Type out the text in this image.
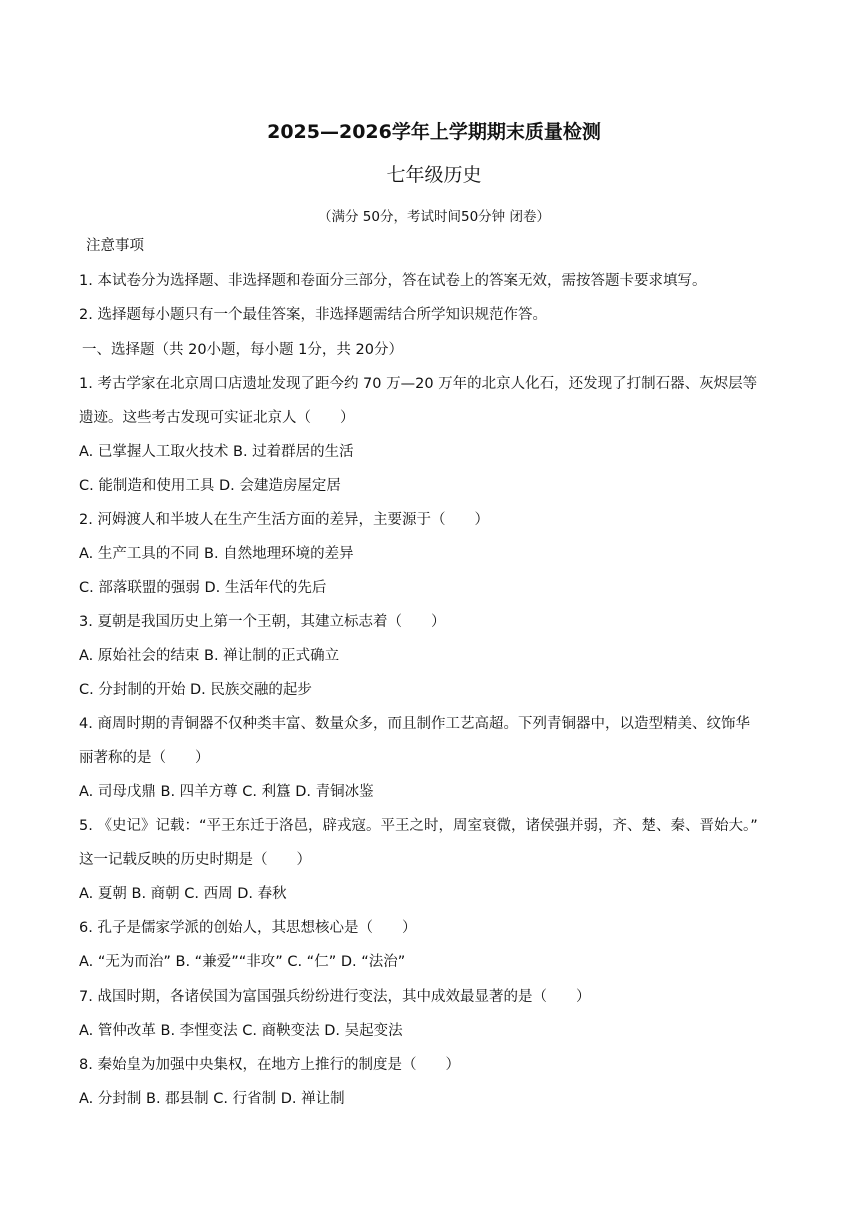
2025—2026学年上学期期末质量检测
七年级历史
（满分 50分，考试时间50分钟 闭卷）
注意事项
1. 本试卷分为选择题、非选择题和卷面分三部分，答在试卷上的答案无效，需按答题卡要求填写。
2. 选择题每小题只有一个最佳答案，非选择题需结合所学知识规范作答。
一、选择题（共 20小题，每小题 1分，共 20分）
1. 考古学家在北京周口店遗址发现了距今约 70 万—20 万年的北京人化石，还发现了打制石器、灰烬层等
遗迹。这些考古发现可实证北京人（　　）
A. 已掌握人工取火技术 B. 过着群居的生活
C. 能制造和使用工具 D. 会建造房屋定居
2. 河姆渡人和半坡人在生产生活方面的差异，主要源于（　　）
A. 生产工具的不同 B. 自然地理环境的差异
C. 部落联盟的强弱 D. 生活年代的先后
3. 夏朝是我国历史上第一个王朝，其建立标志着（　　）
A. 原始社会的结束 B. 禅让制的正式确立
C. 分封制的开始 D. 民族交融的起步
4. 商周时期的青铜器不仅种类丰富、数量众多，而且制作工艺高超。下列青铜器中，以造型精美、纹饰华
丽著称的是（　　）
A. 司母戊鼎 B. 四羊方尊 C. 利簋 D. 青铜冰鉴
5. 《史记》记载：“平王东迁于洛邑，辟戎寇。平王之时，周室衰微，诸侯强并弱，齐、楚、秦、晋始大。”
这一记载反映的历史时期是（　　）
A. 夏朝 B. 商朝 C. 西周 D. 春秋
6. 孔子是儒家学派的创始人，其思想核心是（　　）
A. “无为而治” B. “兼爱”“非攻” C. “仁” D. “法治”
7. 战国时期，各诸侯国为富国强兵纷纷进行变法，其中成效最显著的是（　　）
A. 管仲改革 B. 李悝变法 C. 商鞅变法 D. 吴起变法
8. 秦始皇为加强中央集权，在地方上推行的制度是（　　）
A. 分封制 B. 郡县制 C. 行省制 D. 禅让制
